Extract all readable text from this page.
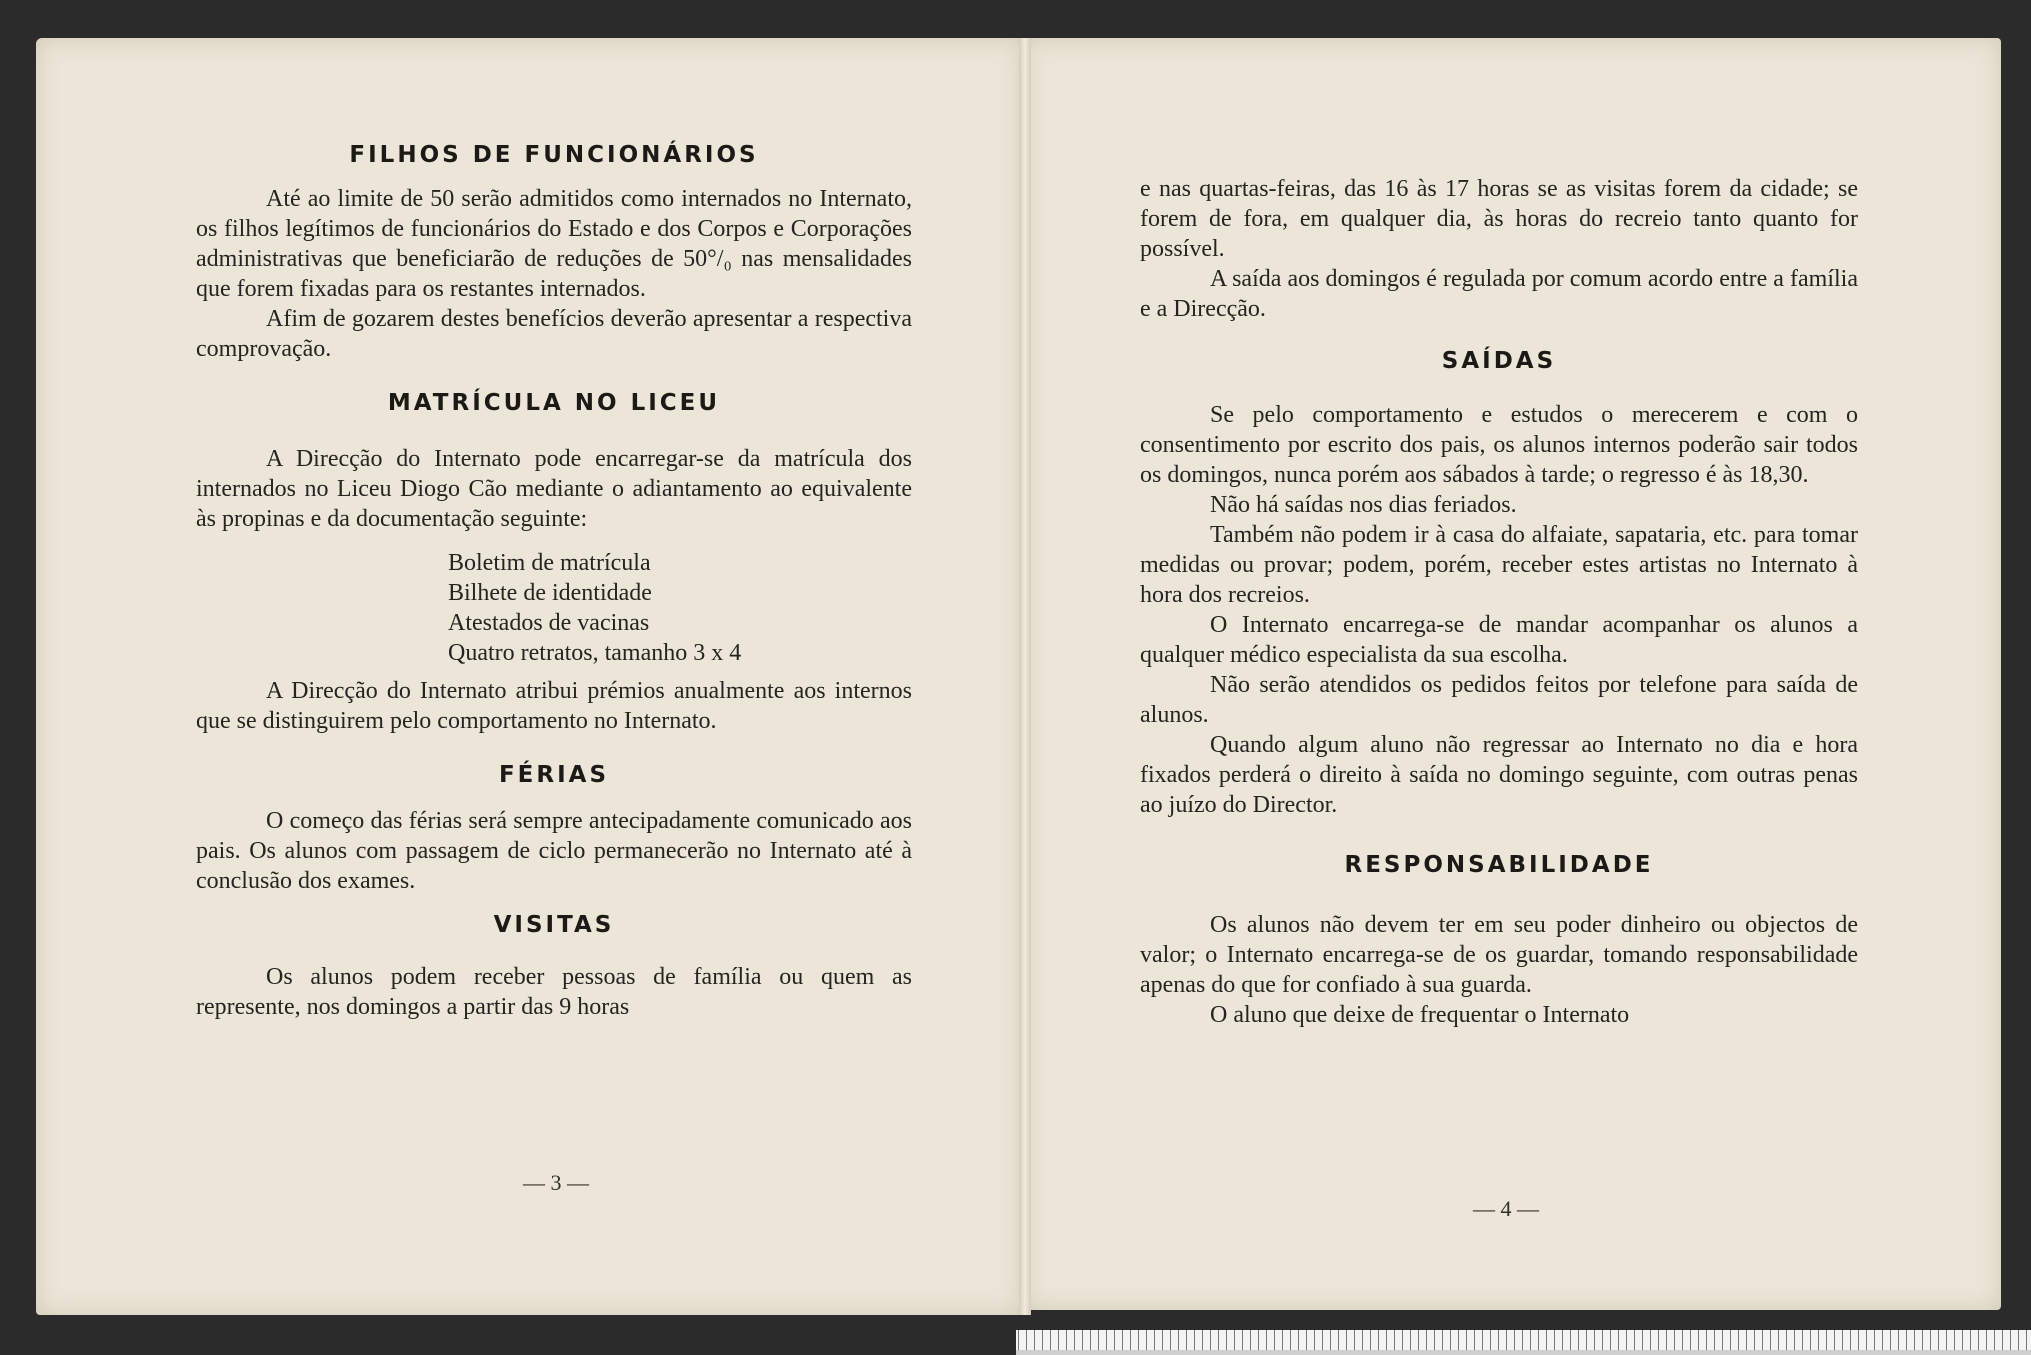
FILHOS DE FUNCIONÁRIOS

Até ao limite de 50 serão admitidos como internados no Internato, os filhos legítimos de funcionários do Estado e dos Corpos e Corporações administrativas que beneficiarão de reduções de 50°/₀ nas mensalidades que forem fixadas para os restantes internados.

Afim de gozarem destes benefícios deverão apresentar a respectiva comprovação.

MATRÍCULA NO LICEU

A Direcção do Internato pode encarregar-se da matrícula dos internados no Liceu Diogo Cão mediante o adiantamento ao equivalente às propinas e da documentação seguinte:

Boletim de matrícula
Bilhete de identidade
Atestados de vacinas
Quatro retratos, tamanho 3 x 4

A Direcção do Internato atribui prémios anualmente aos internos que se distinguirem pelo comportamento no Internato.

FÉRIAS

O começo das férias será sempre antecipadamente comunicado aos pais. Os alunos com passagem de ciclo permanecerão no Internato até à conclusão dos exames.

VISITAS

Os alunos podem receber pessoas de família ou quem as represente, nos domingos a partir das 9 horas

— 3 —

e nas quartas-feiras, das 16 às 17 horas se as visitas forem da cidade; se forem de fora, em qualquer dia, às horas do recreio tanto quanto for possível.

A saída aos domingos é regulada por comum acordo entre a família e a Direcção.

SAÍDAS

Se pelo comportamento e estudos o merecerem e com o consentimento por escrito dos pais, os alunos internos poderão sair todos os domingos, nunca porém aos sábados à tarde; o regresso é às 18,30.

Não há saídas nos dias feriados.

Também não podem ir à casa do alfaiate, sapataria, etc. para tomar medidas ou provar; podem, porém, receber estes artistas no Internato à hora dos recreios.

O Internato encarrega-se de mandar acompanhar os alunos a qualquer médico especialista da sua escolha.

Não serão atendidos os pedidos feitos por telefone para saída de alunos.

Quando algum aluno não regressar ao Internato no dia e hora fixados perderá o direito à saída no domingo seguinte, com outras penas ao juízo do Director.

RESPONSABILIDADE

Os alunos não devem ter em seu poder dinheiro ou objectos de valor; o Internato encarrega-se de os guardar, tomando responsabilidade apenas do que for confiado à sua guarda.

O aluno que deixe de frequentar o Internato

— 4 —
